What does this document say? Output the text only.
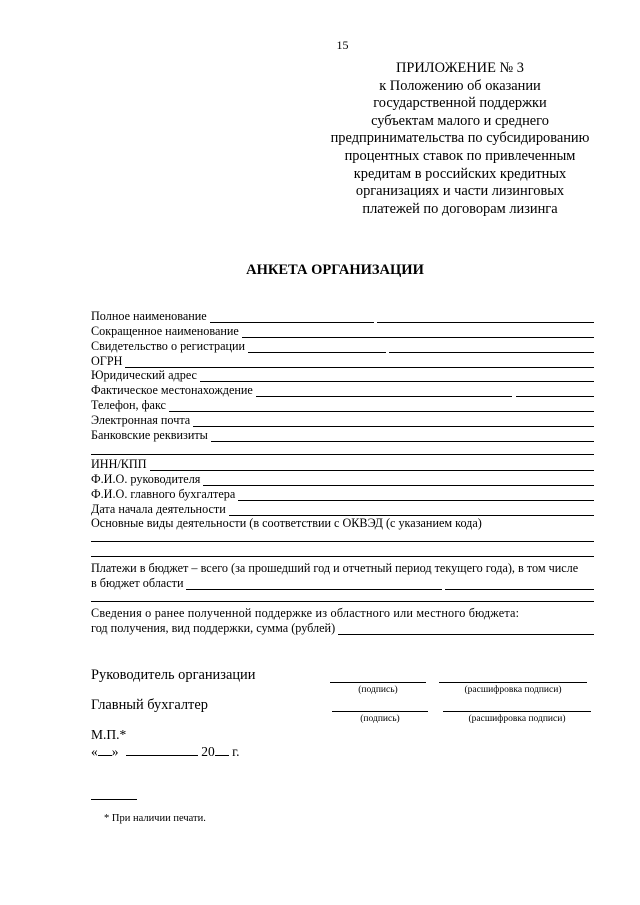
15
ПРИЛОЖЕНИЕ № 3
к Положению об оказании
государственной поддержки
субъектам малого и среднего
предпринимательства по субсидированию
процентных ставок по привлеченным
кредитам в российских кредитных
организациях и части лизинговых
платежей по договорам лизинга
АНКЕТА ОРГАНИЗАЦИИ
Полное наименование
Сокращенное наименование
Свидетельство о регистрации
ОГРН
Юридический адрес
Фактическое местонахождение
Телефон, факс
Электронная почта
Банковские реквизиты
ИНН/КПП
Ф.И.О. руководителя
Ф.И.О. главного бухгалтера
Дата начала деятельности
Основные виды деятельности (в соответствии с ОКВЭД (с указанием кода)
Платежи в бюджет – всего (за прошедший год и отчетный период текущего года), в том числе
в бюджет области
Сведения о ранее полученной поддержке из областного или местного бюджета:
год получения, вид поддержки, сумма (рублей)
Руководитель организации
(подпись)	(расшифровка подписи)
Главный бухгалтер
(подпись)	(расшифровка подписи)
М.П.*
« »	20 г.
* При наличии печати.
